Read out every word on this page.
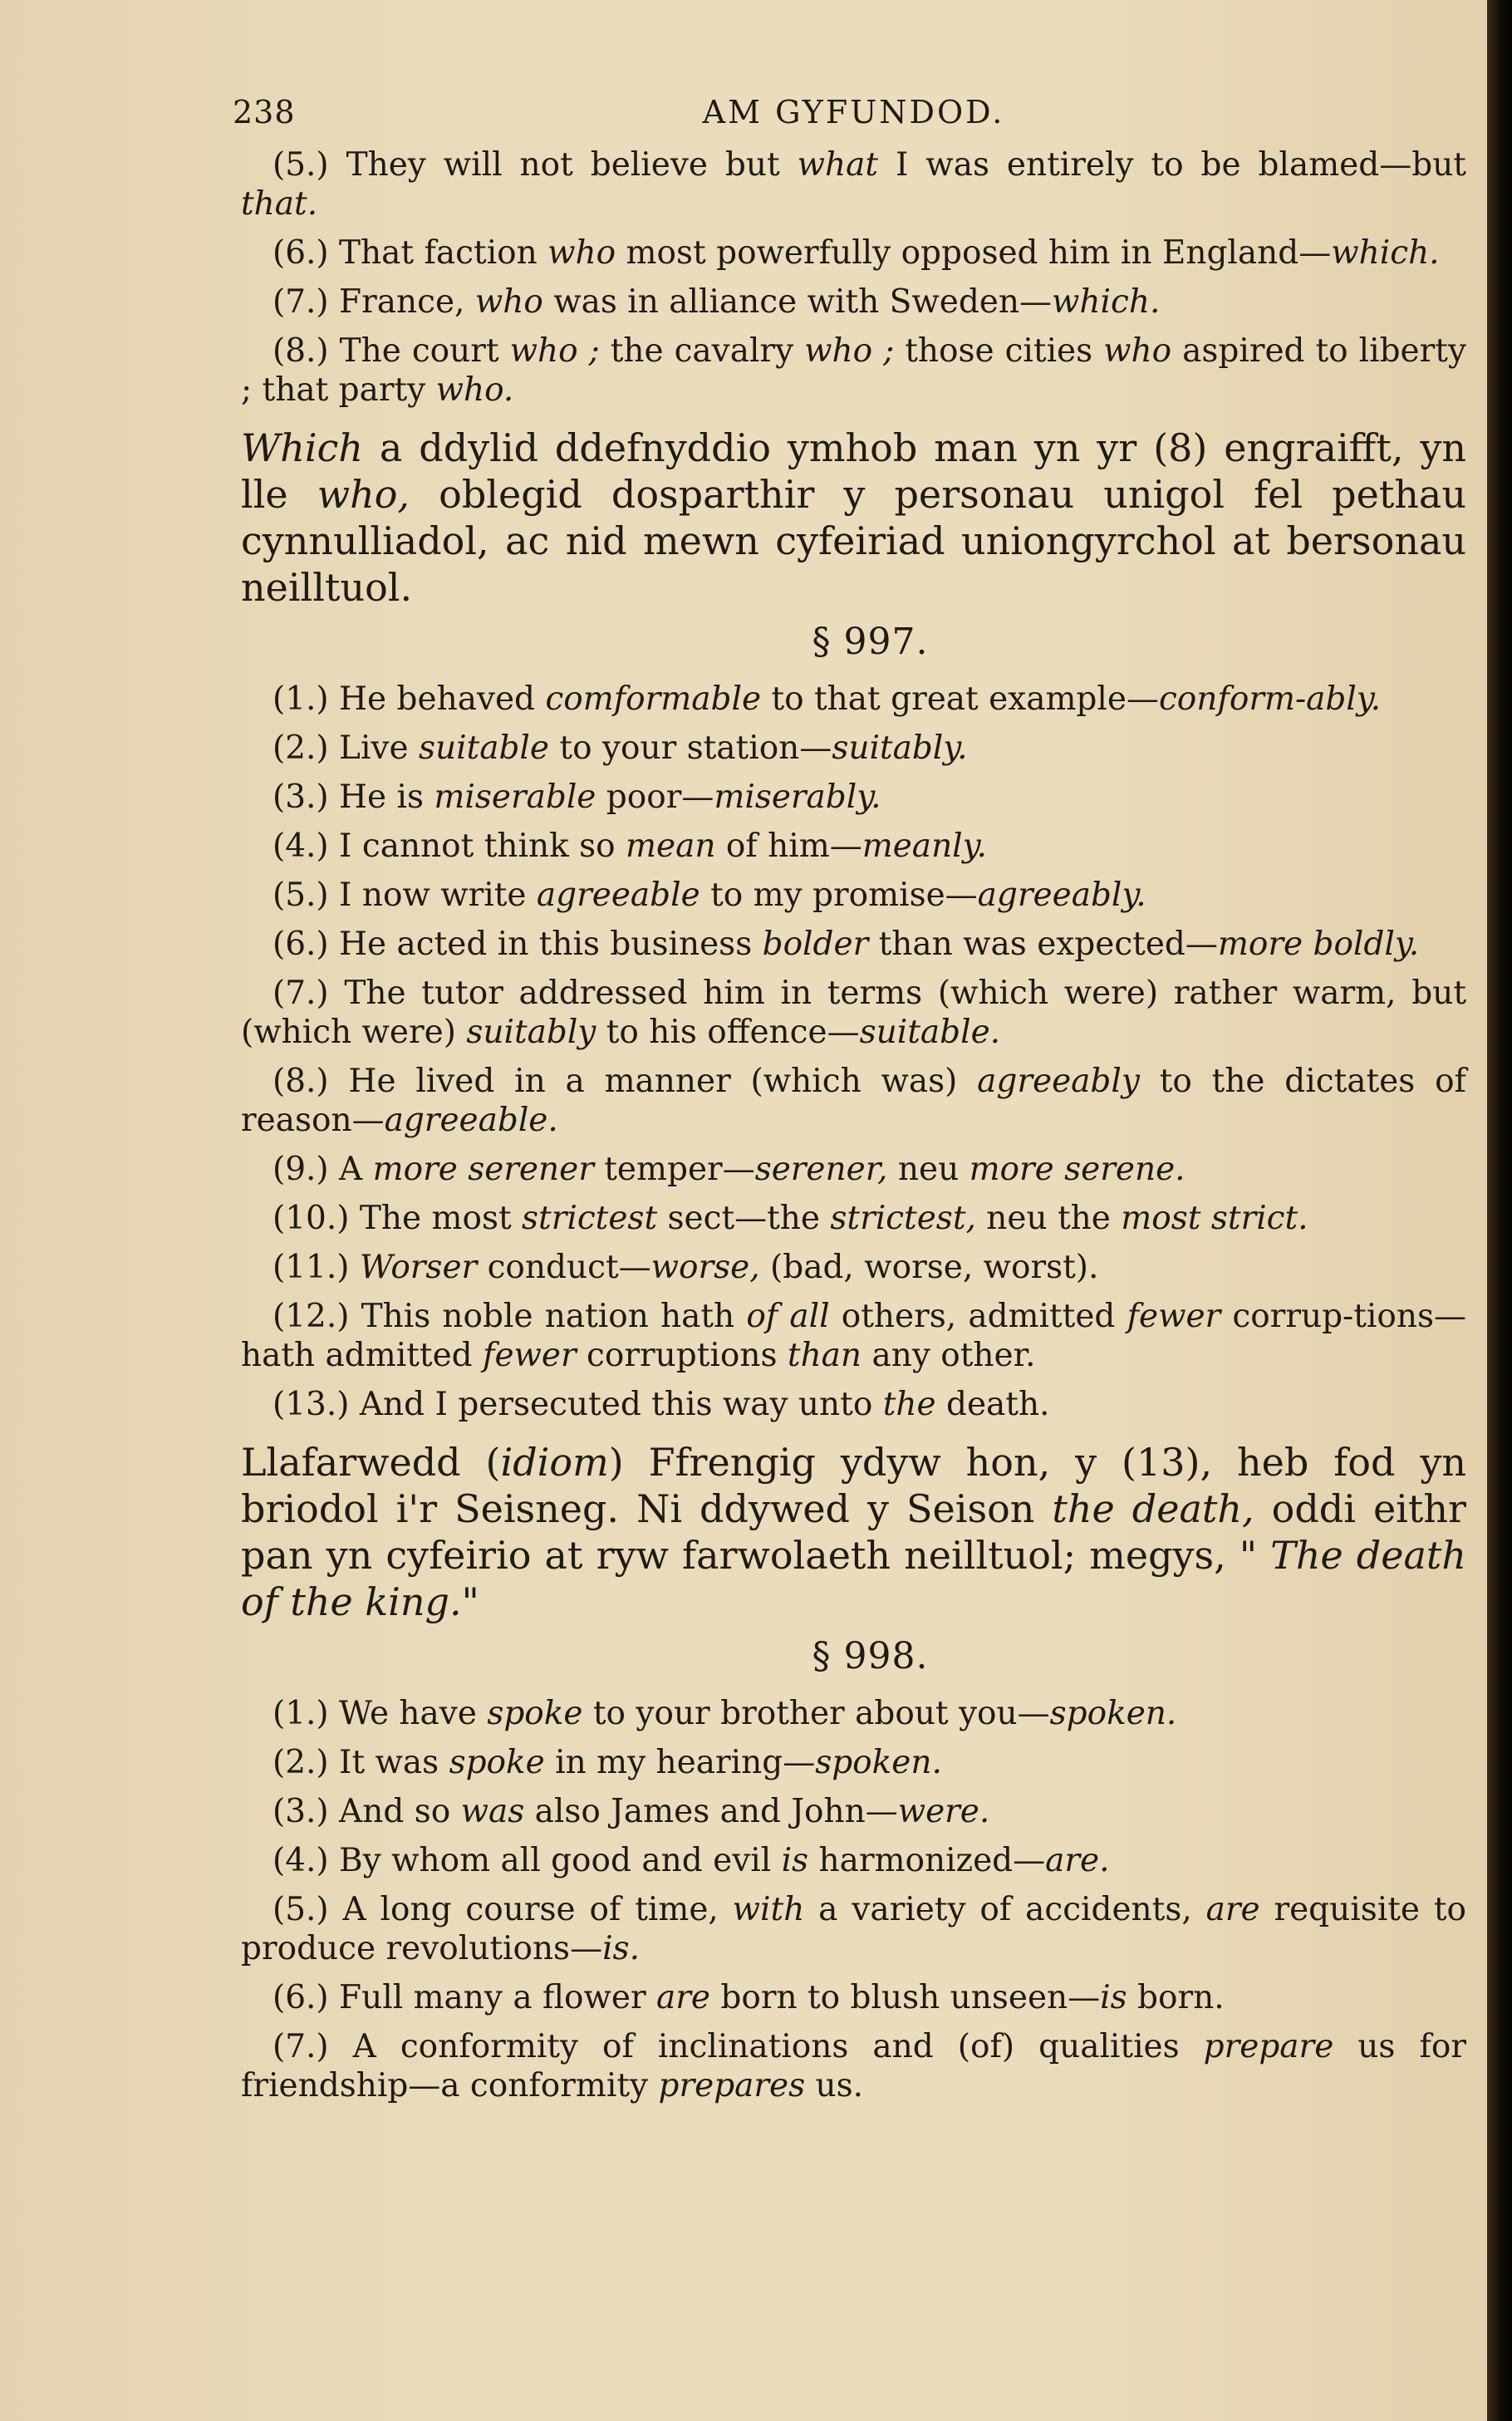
238	AM GYFUNDOD.

(5.) They will not believe but what I was entirely to be blamed—but that.

(6.) That faction who most powerfully opposed him in England—which.

(7.) France, who was in alliance with Sweden—which.

(8.) The court who ; the cavalry who ; those cities who aspired to liberty ; that party who.

Which a ddylid ddefnyddio ymhob man yn yr (8) engraifft, yn lle who, oblegid dosparthir y personau unigol fel pethau cynnulliadol, ac nid mewn cyfeiriad uniongyrchol at bersonau neilltuol.

§ 997.

(1.) He behaved comformable to that great example—conform-ably.

(2.) Live suitable to your station—suitably.

(3.) He is miserable poor—miserably.

(4.) I cannot think so mean of him—meanly.

(5.) I now write agreeable to my promise—agreeably.

(6.) He acted in this business bolder than was expected—more boldly.

(7.) The tutor addressed him in terms (which were) rather warm, but (which were) suitably to his offence—suitable.

(8.) He lived in a manner (which was) agreeably to the dictates of reason—agreeable.

(9.) A more serener temper—serener, neu more serene.

(10.) The most strictest sect—the strictest, neu the most strict.

(11.) Worser conduct—worse, (bad, worse, worst).

(12.) This noble nation hath of all others, admitted fewer corrup-tions—hath admitted fewer corruptions than any other.

(13.) And I persecuted this way unto the death.

Llafarwedd (idiom) Ffrengig ydyw hon, y (13), heb fod yn briodol i'r Seisneg. Ni ddywed y Seison the death, oddi eithr pan yn cyfeirio at ryw farwolaeth neilltuol; megys, " The death of the king."

§ 998.

(1.) We have spoke to your brother about you—spoken.

(2.) It was spoke in my hearing—spoken.

(3.) And so was also James and John—were.

(4.) By whom all good and evil is harmonized—are.

(5.) A long course of time, with a variety of accidents, are requisite to produce revolutions—is.

(6.) Full many a flower are born to blush unseen—is born.

(7.) A conformity of inclinations and (of) qualities prepare us for friendship—a conformity prepares us.
